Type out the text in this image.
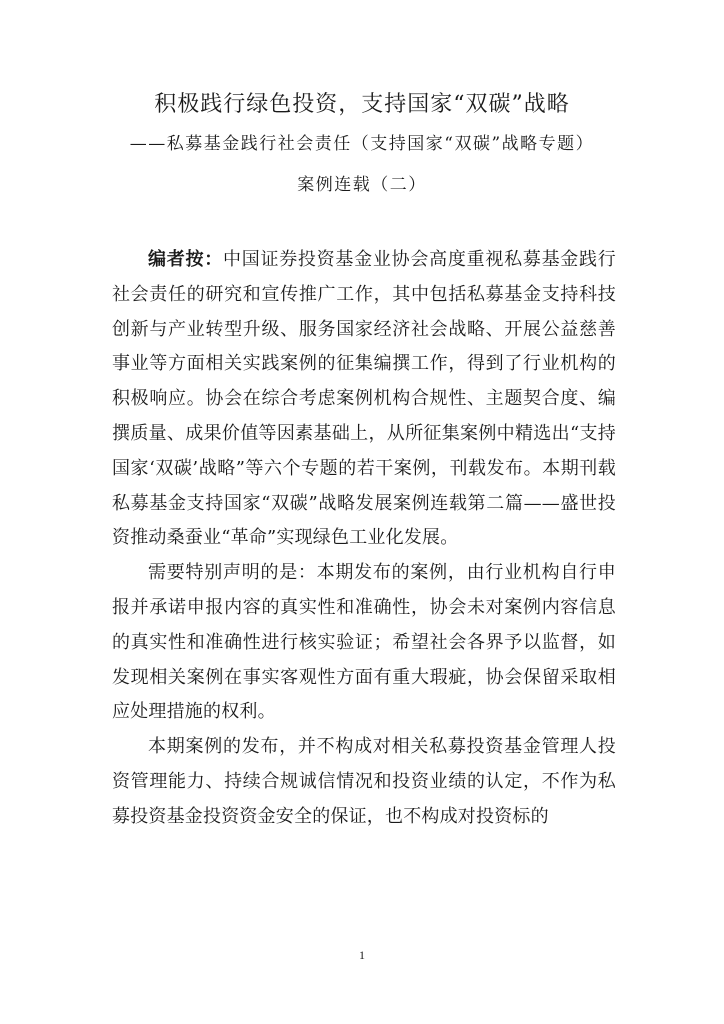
积极践行绿色投资，支持国家“双碳”战略
——私募基金践行社会责任（支持国家“双碳”战略专题）
案例连载（二）

编者按：中国证券投资基金业协会高度重视私募基金践行社会责任的研究和宣传推广工作，其中包括私募基金支持科技创新与产业转型升级、服务国家经济社会战略、开展公益慈善事业等方面相关实践案例的征集编撰工作，得到了行业机构的积极响应。协会在综合考虑案例机构合规性、主题契合度、编撰质量、成果价值等因素基础上，从所征集案例中精选出“支持国家‘双碳’战略”等六个专题的若干案例，刊载发布。本期刊载私募基金支持国家“双碳”战略发展案例连载第二篇——盛世投资推动桑蚕业“革命”实现绿色工业化发展。

需要特别声明的是：本期发布的案例，由行业机构自行申报并承诺申报内容的真实性和准确性，协会未对案例内容信息的真实性和准确性进行核实验证；希望社会各界予以监督，如发现相关案例在事实客观性方面有重大瑕疵，协会保留采取相应处理措施的权利。

本期案例的发布，并不构成对相关私募投资基金管理人投资管理能力、持续合规诚信情况和投资业绩的认定，不作为私募投资基金投资资金安全的保证，也不构成对投资标的

1
